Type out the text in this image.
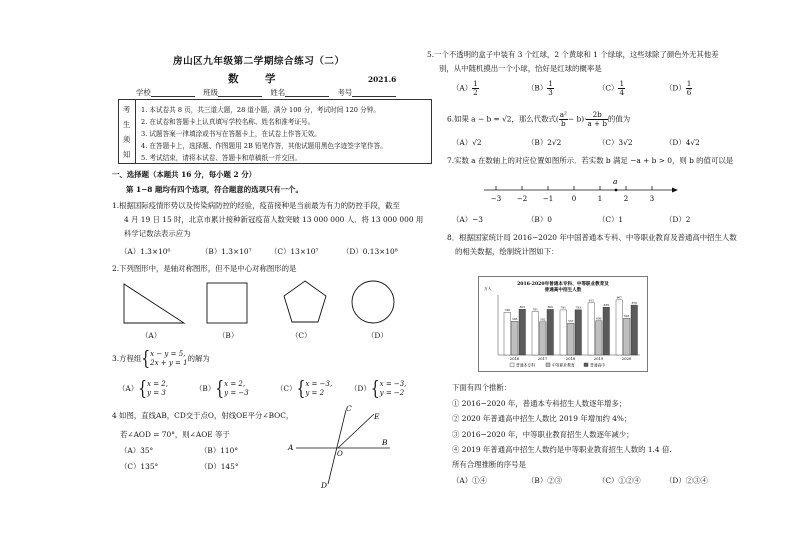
房山区九年级第二学期综合练习（二）
数　学	2021.6
学校	班级	姓名	考号
考
生
须
知
1. 本试卷共 8 页，共三道大题，28 道小题，满分 100 分，考试时间 120 分钟。
2. 在试卷和答题卡上认真填写学校名称、姓名和准考证号。
3. 试题答案一律填涂或书写在答题卡上，在试卷上作答无效。
4. 在答题卡上，选择题、作图题用 2B 铅笔作答，其他试题用黑色字迹签字笔作答。
5. 考试结束，请将本试卷、答题卡和草稿纸一并交回。
一、选择题（本题共 16 分，每小题 2 分）
第 1−8 题均有四个选项，符合题意的选项只有一个。
1.根据国际疫情形势以及传染病防控的经验，疫苗接种是当前最为有力的防控手段，截至
4 月 19 日 15 时，北京市累计接种新冠疫苗人数突破 13 000 000 人．将 13 000 000 用
科学记数法表示应为
（A）1.3×10⁶	（B）1.3×10⁷ （C）13×10⁷	（D）0.13×10⁸
2.下列图形中，是轴对称图形，但不是中心对称图形的是
（A）	（B）	（C）	（D）
3.方程组{x − y = 5,
2x + y = 1的解为
（A）{x = 2,
y = 3	（B）{x = 2,
y = −3	（C）{x = −3,
y = 2	（D）{x = −3,
y = −2
4 如图，直线AB，CD交于点O，射线OE平分∠BOC，
若∠AOD = 70°，则∠AOE 等于
（A）35°	（B）110°
（C）135°	（D）145°
C
E
A
O
B
D
5.一个不透明的盒子中装有 3 个红球，2 个黄球和 1 个绿球，这些球除了颜色外无其他差
别，从中随机摸出一个小球，恰好是红球的概率是
$(A) \frac{1}{2}$	$(B) \frac{1}{3}$	$(C) \frac{1}{4}$	$(D) \frac{1}{6}$
6.如果 a − b = √2，那么代数式( $\frac{\text{a²}}{b} - b)\cdot \frac{2b}{a + b}$ 的值为
（A）√2	（B）2√2	（C）3√2	（D）4√2
7.实数 a 在数轴上的对应位置如图所示．若实数 b 满足 −a + b > 0，则 b 的值可以是
−3 −2 −1	0	1	2	3
a
（A）−3	（B）0	（C）1	（D）2
8．根据国家统计局 2016−2020 年中国普通本专科、中等职业教育及普通高中招生人数
的相关数据，绘制统计图如下：
2016-2020年普通本专科、中等职业教育及
普通高中招生人数
万人
748
593
803
2016
761
582
800
2017
791
557
793
2018
915
600
839
2019
967
645
876
2020
普通本专科	中等职业教育	普通高中
下面有四个推断：
① 2016−2020 年，普通本专科招生人数逐年增多；
② 2020 年普通高中招生人数比 2019 年增加约 4%；
③ 2016−2020 年，中等职业教育招生人数逐年减少；
④ 2019 年普通高中招生人数约是中等职业教育招生人数的 1.4 倍.
所有合理推断的序号是
（A）①④	（B）②③	（C）①②④	（D）②③④
